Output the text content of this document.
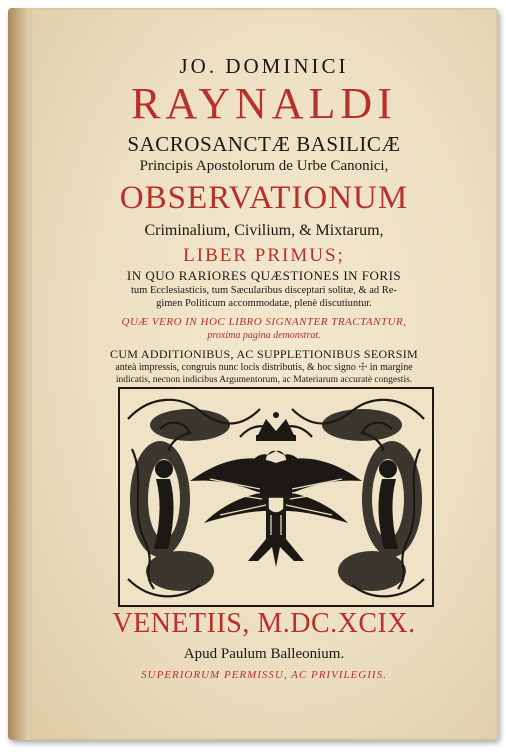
JO. DOMINICI
RAYNALDI
SACROSANCTÆ BASILICÆ
Principis Apostolorum de Urbe Canonici,
OBSERVATIONUM
Criminalium, Civilium, & Mixtarum,
LIBER PRIMUS;
IN QUO RARIORES QUÆSTIONES IN FORIS
tum Ecclesiasticis, tum Sæcularibus disceptari solitæ, & ad Re-
gimen Politicum accommodatæ, plenè discutiuntur.
QUÆ VERO IN HOC LIBRO SIGNANTER TRACTANTUR,
proxima pagina demonstrat.
CUM ADDITIONIBUS, AC SUPPLETIONIBUS SEORSIM
anteà impressis, congruis nunc locis distributis, & hoc signo ☩ in margine
indicatis, necnon indicibus Argumentorum, ac Materiarum accuratè congestis.
VENETIIS, M.DC.XCIX.
Apud Paulum Balleonium.
SUPERIORUM PERMISSU, AC PRIVILEGIIS.
